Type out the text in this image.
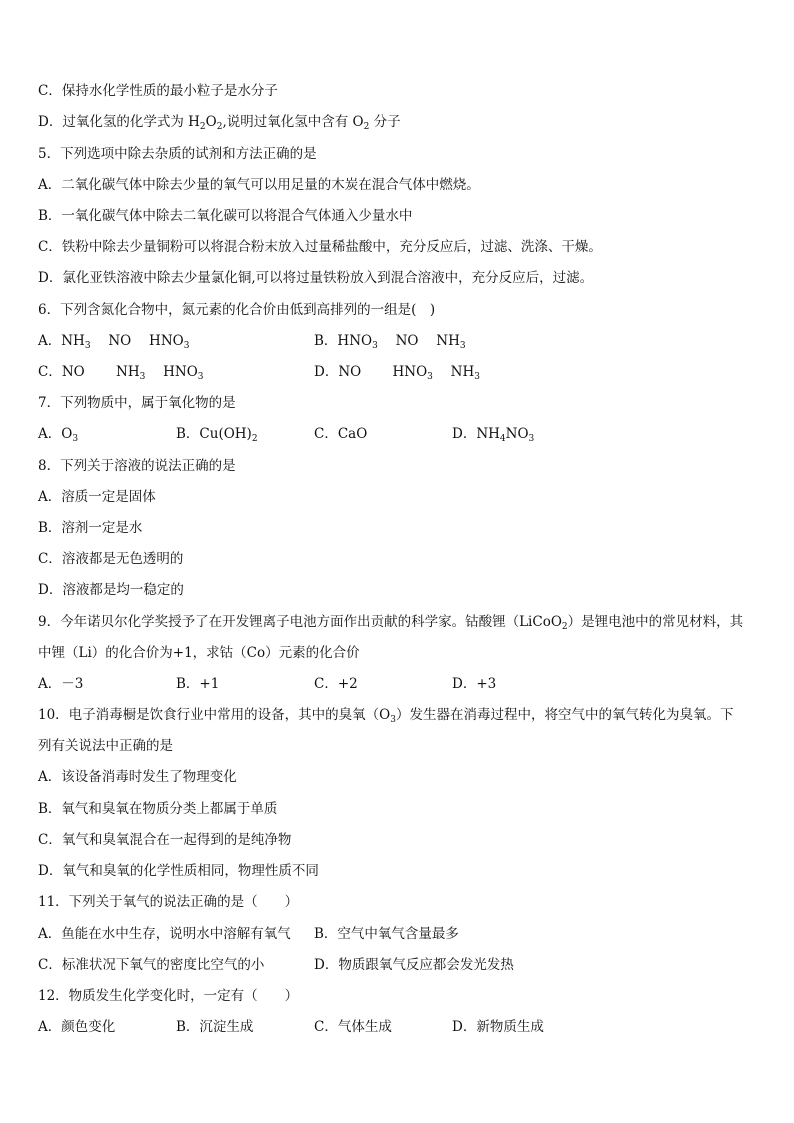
C．保持水化学性质的最小粒子是水分子
D．过氧化氢的化学式为 $H_2O_2$,说明过氧化氢中含有 $O_2$ 分子
5．下列选项中除去杂质的试剂和方法正确的是
A．二氧化碳气体中除去少量的氧气可以用足量的木炭在混合气体中燃烧。
B．一氧化碳气体中除去二氧化碳可以将混合气体通入少量水中
C．铁粉中除去少量铜粉可以将混合粉末放入过量稀盐酸中，充分反应后，过滤、洗涤、干燥。
D．氯化亚铁溶液中除去少量氯化铜,可以将过量铁粉放入到混合溶液中，充分反应后，过滤。
6．下列含氮化合物中，氮元素的化合价由低到高排列的一组是(　)
A．$NH_3$　 NO　 $HNO_3$	B．$HNO_3$　 NO　 $NH_3$
C．NO　　 $NH_3$　 $HNO_3$	D．NO　　 $HNO_3$　 $NH_3$
7．下列物质中，属于氧化物的是
A．$O_3$	B．$Cu(OH)_2$	C．CaO	D．$NH_4NO_3$
8．下列关于溶液的说法正确的是
A．溶质一定是固体
B．溶剂一定是水
C．溶液都是无色透明的
D．溶液都是均一稳定的
9．今年诺贝尔化学奖授予了在开发锂离子电池方面作出贡献的科学家。钴酸锂（LiCoO$_2$）是锂电池中的常见材料，其
中锂（Li）的化合价为+1，求钴（Co）元素的化合价
A．－3	B．+1	C．+2	D．+3
10．电子消毒橱是饮食行业中常用的设备，其中的臭氧$(O_3)$发生器在消毒过程中，将空气中的氧气转化为臭氧。下
列有关说法中正确的是
A．该设备消毒时发生了物理变化
B．氧气和臭氧在物质分类上都属于单质
C．氧气和臭氧混合在一起得到的是纯净物
D．氧气和臭氧的化学性质相同，物理性质不同
11．下列关于氧气的说法正确的是（　　）
A．鱼能在水中生存，说明水中溶解有氧气 B．空气中氧气含量最多
C．标准状况下氧气的密度比空气的小	D．物质跟氧气反应都会发光发热
12．物质发生化学变化时，一定有（　　）
A．颜色变化	B．沉淀生成	C．气体生成	D．新物质生成
